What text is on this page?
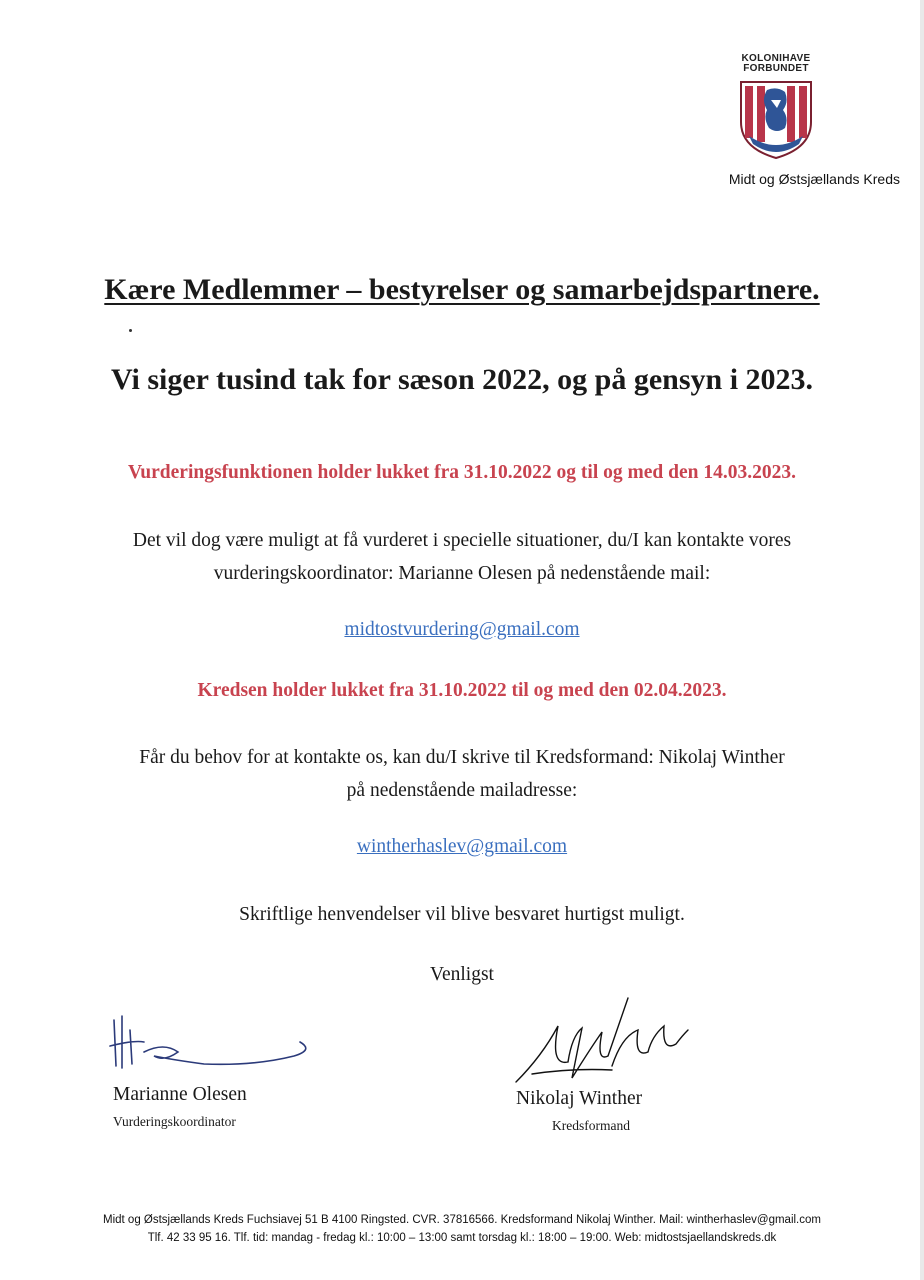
KOLONIHAVE
FORBUNDET
Midt og Østsjællands Kreds
Kære Medlemmer – bestyrelser og samarbejdspartnere.
Vi siger tusind tak for sæson 2022, og på gensyn i 2023.
Vurderingsfunktionen holder lukket fra 31.10.2022 og til og med den 14.03.2023.
Det vil dog være muligt at få vurderet i specielle situationer, du/I kan kontakte vores
vurderingskoordinator: Marianne Olesen på nedenstående mail:
midtostvurdering@gmail.com
Kredsen holder lukket fra 31.10.2022 til og med den 02.04.2023.
Får du behov for at kontakte os, kan du/I skrive til Kredsformand: Nikolaj Winther
på nedenstående mailadresse:
wintherhaslev@gmail.com
Skriftlige henvendelser vil blive besvaret hurtigst muligt.
Venligst
Marianne Olesen
Vurderingskoordinator
Nikolaj Winther
Kredsformand
Midt og Østsjællands Kreds Fuchsiavej 51 B 4100 Ringsted. CVR. 37816566. Kredsformand Nikolaj Winther. Mail: wintherhaslev@gmail.com
Tlf. 42 33 95 16. Tlf. tid: mandag - fredag kl.: 10:00 – 13:00 samt torsdag kl.: 18:00 – 19:00. Web: midtostsjaellandskreds.dk
